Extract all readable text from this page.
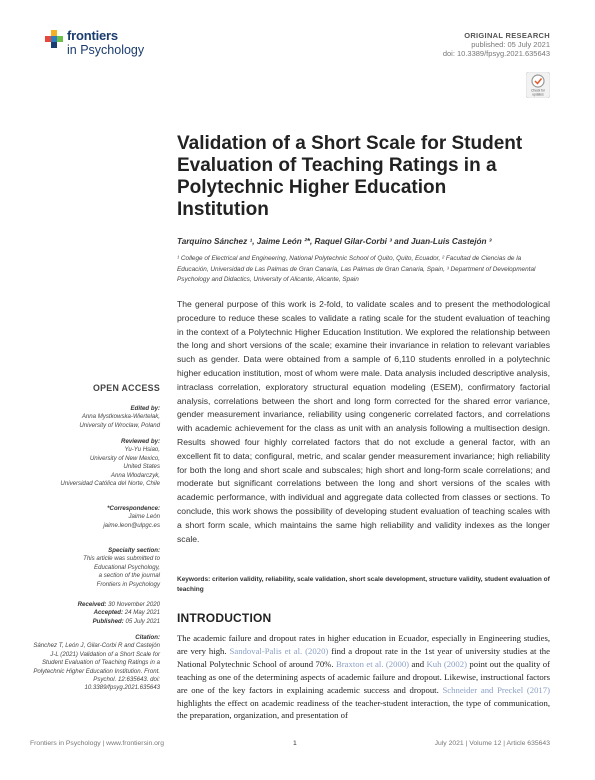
frontiers
in Psychology
ORIGINAL RESEARCH
published: 05 July 2021
doi: 10.3389/fpsyg.2021.635643
Check for
updates
Validation of a Short Scale for Student Evaluation of Teaching Ratings in a Polytechnic Higher Education Institution
Tarquino Sánchez ¹, Jaime León ²*, Raquel Gilar-Corbi ³ and Juan-Luis Castejón ³

¹ College of Electrical and Engineering, National Polytechnic School of Quito, Quito, Ecuador, ² Facultad de Ciencias de la Educación, Universidad de Las Palmas de Gran Canaria, Las Palmas de Gran Canaria, Spain, ³ Department of Developmental Psychology and Didactics, University of Alicante, Alicante, Spain

The general purpose of this work is 2-fold, to validate scales and to present the methodological procedure to reduce these scales to validate a rating scale for the student evaluation of teaching in the context of a Polytechnic Higher Education Institution. We explored the relationship between the long and short versions of the scale; examine their invariance in relation to relevant variables such as gender. Data were obtained from a sample of 6,110 students enrolled in a polytechnic higher education institution, most of whom were male. Data analysis included descriptive analysis, intraclass correlation, exploratory structural equation modeling (ESEM), confirmatory factorial analysis, correlations between the short and long form corrected for the shared error variance, gender measurement invariance, reliability using congeneric correlated factors, and correlations with academic achievement for the class as unit with an analysis following a multisection design. Results showed four highly correlated factors that do not exclude a general factor, with an excellent fit to data; configural, metric, and scalar gender measurement invariance; high reliability for both the long and short scale and subscales; high short and long-form scale correlations; and moderate but significant correlations between the long and short versions of the scales with academic performance, with individual and aggregate data collected from classes or sections. To conclude, this work shows the possibility of developing student evaluation of teaching scales with a short form scale, which maintains the same high reliability and validity indexes as the longer scale.
Keywords: criterion validity, reliability, scale validation, short scale development, structure validity, student evaluation of teaching
INTRODUCTION
The academic failure and dropout rates in higher education in Ecuador, especially in Engineering studies, are very high. Sandoval-Palis et al. (2020) find a dropout rate in the 1st year of university studies at the National Polytechnic School of around 70%. Braxton et al. (2000) and Kuh (2002) point out the quality of teaching as one of the determining aspects of academic failure and dropout. Likewise, instructional factors are one of the key factors in explaining academic success and dropout. Schneider and Preckel (2017) highlights the effect on academic readiness of the teacher-student interaction, the type of communication, the preparation, organization, and presentation of
OPEN ACCESS
Edited by:
Anna Mystkowska-Wiertelak,
University of Wroclaw, Poland
Reviewed by:
Yu-Yu Hsiao,
University of New Mexico,
United States
Anna Wlodarczyk,
Universidad Católica del Norte, Chile
*Correspondence:
Jaime León
jaime.leon@ulpgc.es
Specialty section:
This article was submitted to
Educational Psychology,
a section of the journal
Frontiers in Psychology
Received: 30 November 2020
Accepted: 24 May 2021
Published: 05 July 2021
Citation:
Sánchez T, León J, Gilar-Corbi R and Castejón J-L (2021) Validation of a Short Scale for Student Evaluation of Teaching Ratings in a Polytechnic Higher Education Institution. Front. Psychol. 12:635643. doi: 10.3389/fpsyg.2021.635643
Frontiers in Psychology | www.frontiersin.org	1	July 2021 | Volume 12 | Article 635643
